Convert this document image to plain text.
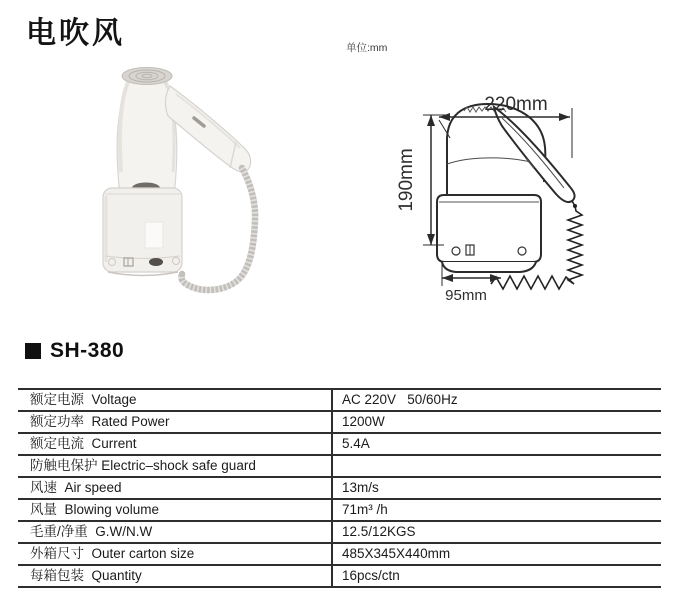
电吹风	单位:mm
220mm
190mm
95mm
SH-380
额定电源  Voltage	AC 220V   50/60Hz
额定功率  Rated Power	1200W
额定电流  Current	5.4A
防触电保护 Electric–shock safe guard

风速  Air speed	13m/s
风量  Blowing volume	71m³ /h
毛重/净重  G.W/N.W	12.5/12KGS
外箱尺寸  Outer carton size	485X345X440mm
每箱包装  Quantity	16pcs/ctn
